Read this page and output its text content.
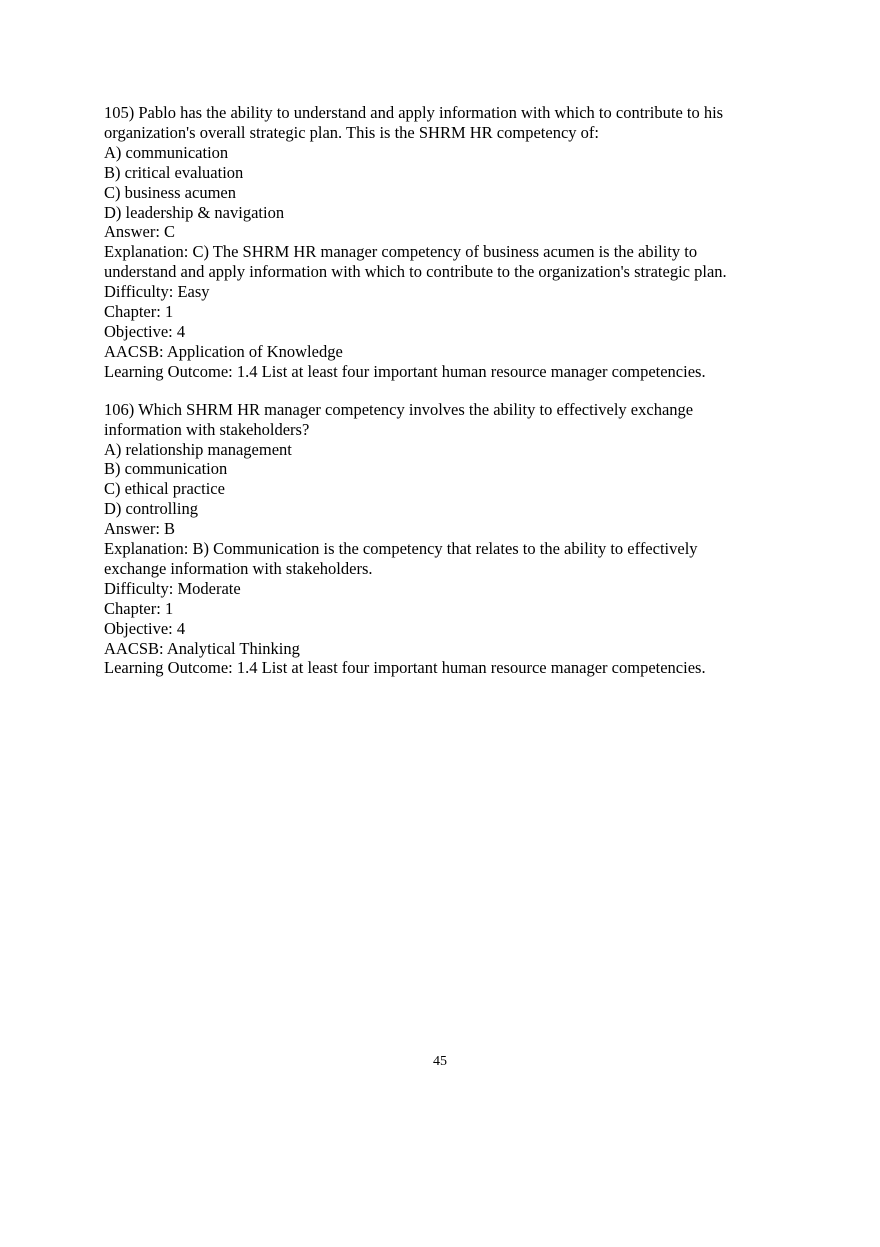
105) Pablo has the ability to understand and apply information with which to contribute to his
organization's overall strategic plan. This is the SHRM HR competency of:
A) communication
B) critical evaluation
C) business acumen
D) leadership & navigation
Answer: C
Explanation: C) The SHRM HR manager competency of business acumen is the ability to
understand and apply information with which to contribute to the organization's strategic plan.
Difficulty: Easy
Chapter: 1
Objective: 4
AACSB: Application of Knowledge
Learning Outcome: 1.4 List at least four important human resource manager competencies.
106) Which SHRM HR manager competency involves the ability to effectively exchange
information with stakeholders?
A) relationship management
B) communication
C) ethical practice
D) controlling
Answer: B
Explanation: B) Communication is the competency that relates to the ability to effectively
exchange information with stakeholders.
Difficulty: Moderate
Chapter: 1
Objective: 4
AACSB: Analytical Thinking
Learning Outcome: 1.4 List at least four important human resource manager competencies.
45
